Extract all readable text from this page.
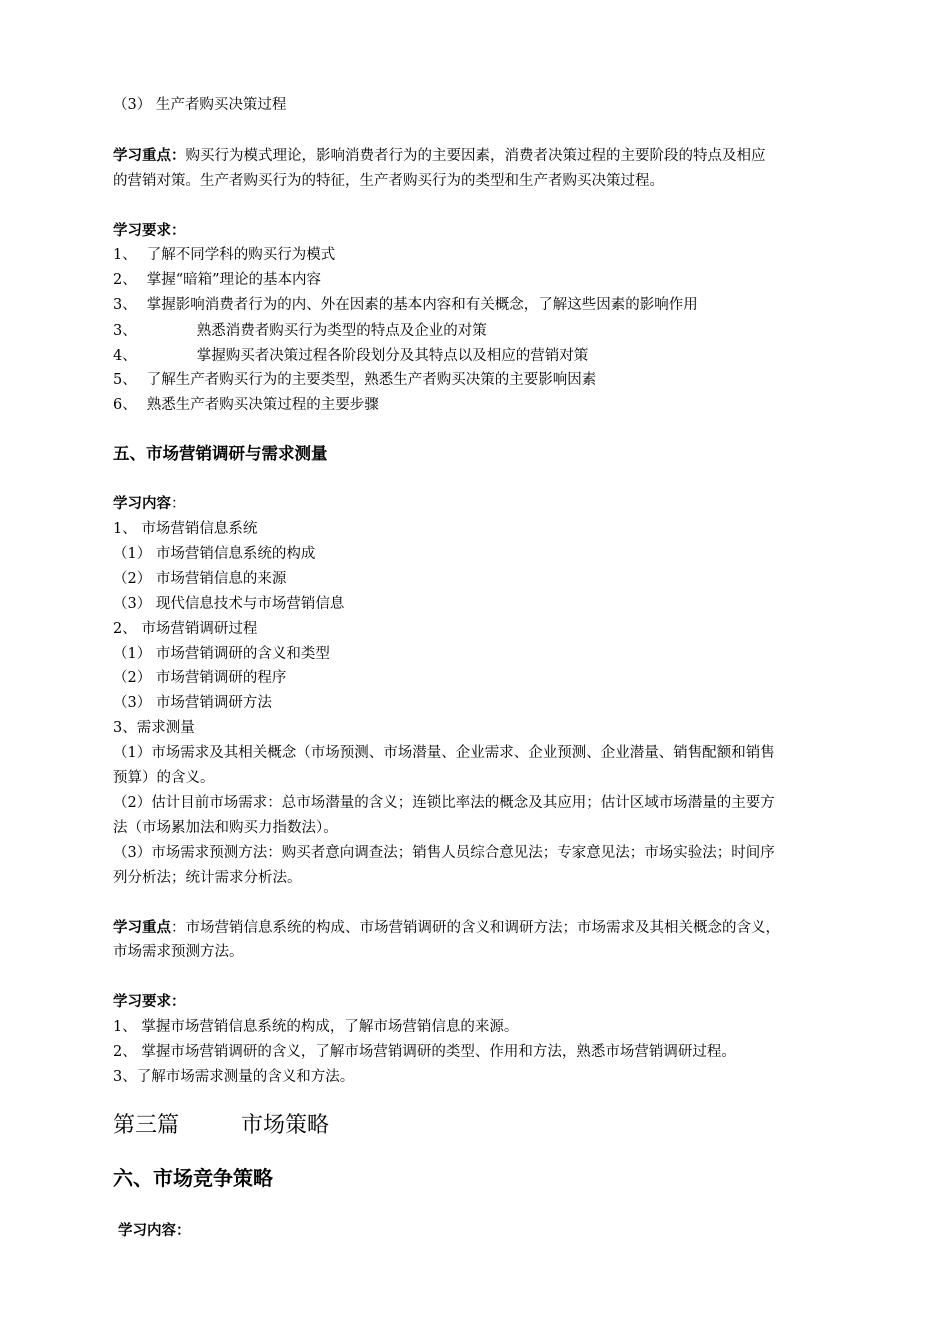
（3） 生产者购买决策过程
学习重点：购买行为模式理论，影响消费者行为的主要因素，消费者决策过程的主要阶段的特点及相应
的营销对策。生产者购买行为的特征，生产者购买行为的类型和生产者购买决策过程。
学习要求：
1、 了解不同学科的购买行为模式
2、 掌握“暗箱”理论的基本内容
3、 掌握影响消费者行为的内、外在因素的基本内容和有关概念，了解这些因素的影响作用
3、	熟悉消费者购买行为类型的特点及企业的对策
4、	掌握购买者决策过程各阶段划分及其特点以及相应的营销对策
5、 了解生产者购买行为的主要类型，熟悉生产者购买决策的主要影响因素
6、 熟悉生产者购买决策过程的主要步骤
五、市场营销调研与需求测量
学习内容：
1、 市场营销信息系统
（1） 市场营销信息系统的构成
（2） 市场营销信息的来源
（3） 现代信息技术与市场营销信息
2、 市场营销调研过程
（1） 市场营销调研的含义和类型
（2） 市场营销调研的程序
（3） 市场营销调研方法
3、需求测量
（1）市场需求及其相关概念（市场预测、市场潜量、企业需求、企业预测、企业潜量、销售配额和销售
预算）的含义。
（2）估计目前市场需求：总市场潜量的含义；连锁比率法的概念及其应用；估计区域市场潜量的主要方
法（市场累加法和购买力指数法）。
（3）市场需求预测方法：购买者意向调查法；销售人员综合意见法；专家意见法；市场实验法；时间序
列分析法；统计需求分析法。
学习重点：市场营销信息系统的构成、市场营销调研的含义和调研方法；市场需求及其相关概念的含义，
市场需求预测方法。
学习要求：
1、 掌握市场营销信息系统的构成，了解市场营销信息的来源。
2、 掌握市场营销调研的含义，了解市场营销调研的类型、作用和方法，熟悉市场营销调研过程。
3、了解市场需求测量的含义和方法。
第三篇	市场策略
六、市场竞争策略
学习内容：
